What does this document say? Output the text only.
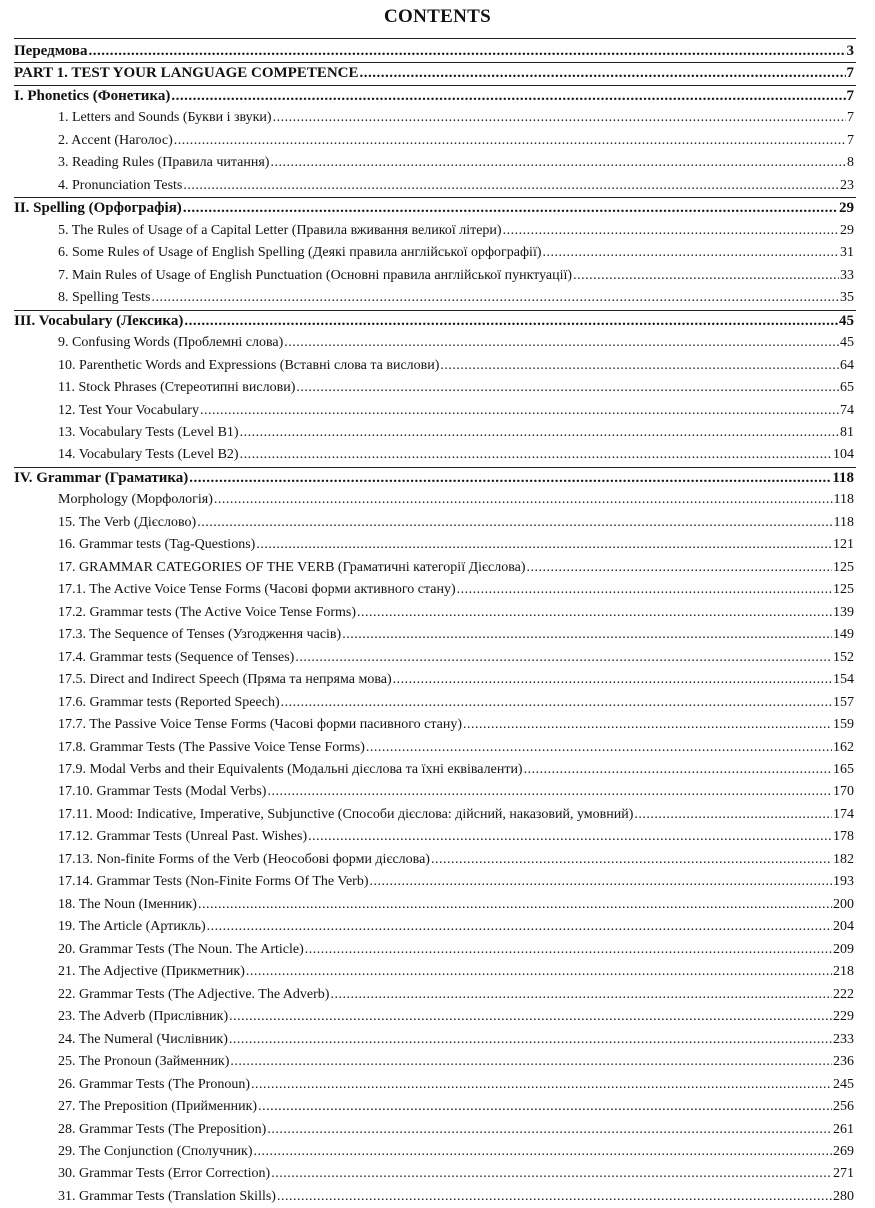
CONTENTS
Передмова .....	3
PART 1. TEST YOUR LANGUAGE COMPETENCE .....	7
I. Phonetics (Фонетика) .....	7
1. Letters and Sounds (Букви і звуки) .....	7
2. Accent (Наголос) .....	7
3. Reading Rules (Правила читання) .....	8
4. Pronunciation Tests .....	23
II. Spelling (Орфографія) .....	29
5. The Rules of Usage of a Capital Letter (Правила вживання великої літери) .....	29
6. Some Rules of Usage of English Spelling (Деякі правила англійської орфографії) .....	31
7. Main Rules of Usage of English Punctuation (Основні правила англійської пунктуації) .....	33
8. Spelling Tests .....	35
III. Vocabulary (Лексика) .....	45
9. Confusing Words (Проблемні слова) .....	45
10. Parenthetic Words and Expressions (Вставні слова та вислови) .....	64
11. Stock Phrases (Стереотипні вислови) .....	65
12. Test Your Vocabulary .....	74
13. Vocabulary Tests (Level B1) .....	81
14. Vocabulary Tests (Level B2) .....	104
IV. Grammar (Граматика) .....	118
Morphology (Морфологія) .....	118
15. The Verb (Дієслово) .....	118
16. Grammar tests (Tag-Questions) .....	121
17. GRAMMAR CATEGORIES OF THE VERB (Граматичні категорії Дієслова) .....	125
17.1. The Active Voice Tense Forms (Часові форми активного стану) .....	125
17.2. Grammar tests (The Active Voice Tense Forms) .....	139
17.3. The Sequence of Tenses (Узгодження часів) .....	149
17.4. Grammar tests (Sequence of Tenses) .....	152
17.5. Direct and Indirect Speech (Пряма та непряма мова) .....	154
17.6. Grammar tests (Reported Speech) .....	157
17.7. The Passive Voice Tense Forms (Часові форми пасивного стану) .....	159
17.8. Grammar Tests (The Passive Voice Tense Forms) .....	162
17.9. Modal Verbs and their Equivalents (Модальні дієслова та їхні еквіваленти) .....	165
17.10. Grammar Tests (Modal Verbs) .....	170
17.11. Mood: Indicative, Imperative, Subjunctive (Способи дієслова: дійсний, наказовий, умовний) .....	174
17.12. Grammar Tests (Unreal Past. Wishes) .....	178
17.13. Non-finite Forms of the Verb (Неособові форми дієслова) .....	182
17.14. Grammar Tests (Non-Finite Forms Of The Verb) .....	193
18. The Noun (Іменник) .....	200
19. The Article (Артикль) .....	204
20. Grammar Tests (The Noun. The Article) .....	209
21. The Adjective (Прикметник) .....	218
22. Grammar Tests (The Adjective. The Adverb) .....	222
23. The Adverb (Прислівник) .....	229
24. The Numeral (Числівник) .....	233
25. The Pronoun (Займенник) .....	236
26. Grammar Tests (The Pronoun) .....	245
27. The Preposition (Прийменник) .....	256
28. Grammar Tests (The Preposition) .....	261
29. The Conjunction (Сполучник) .....	269
30. Grammar Tests (Error Correction) .....	271
31. Grammar Tests (Translation Skills) .....	280
